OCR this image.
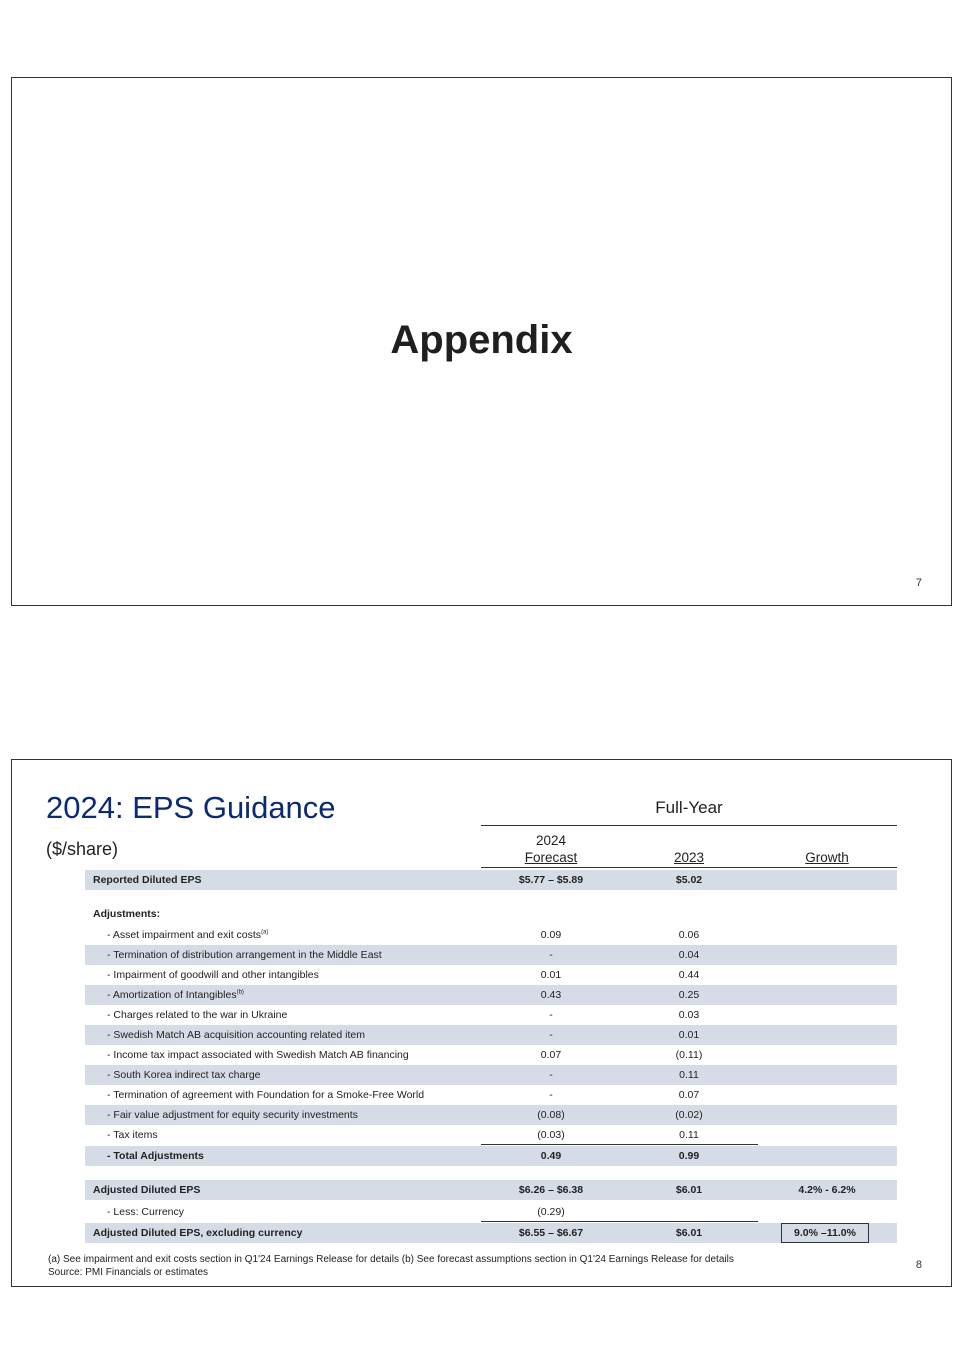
Appendix
7
2024: EPS Guidance
($/share)
Full-Year
2024
Forecast	2023	Growth
Reported Diluted EPS	$5.77 – $5.89	$5.02
Adjustments:
- Asset impairment and exit costs$^{(a)}$	0.09	0.06
- Termination of distribution arrangement in the Middle East	-	0.04
- Impairment of goodwill and other intangibles	0.01	0.44
- Amortization of Intangibles$^{(b)}$	0.43	0.25
- Charges related to the war in Ukraine	-	0.03
- Swedish Match AB acquisition accounting related item	-	0.01
- Income tax impact associated with Swedish Match AB financing	0.07	(0.11)
- South Korea indirect tax charge	-	0.11
- Termination of agreement with Foundation for a Smoke-Free World	-	0.07
- Fair value adjustment for equity security investments	(0.08)	(0.02)
- Tax items	(0.03)	0.11
- Total Adjustments	0.49	0.99
Adjusted Diluted EPS	$6.26 – $6.38	$6.01	4.2% - 6.2%
- Less: Currency	(0.29)
Adjusted Diluted EPS, excluding currency	$6.55 – $6.67	$6.01	9.0% –11.0%
(a) See impairment and exit costs section in Q1'24 Earnings Release for details (b) See forecast assumptions section in Q1'24 Earnings Release for details
Source: PMI Financials or estimates
8
